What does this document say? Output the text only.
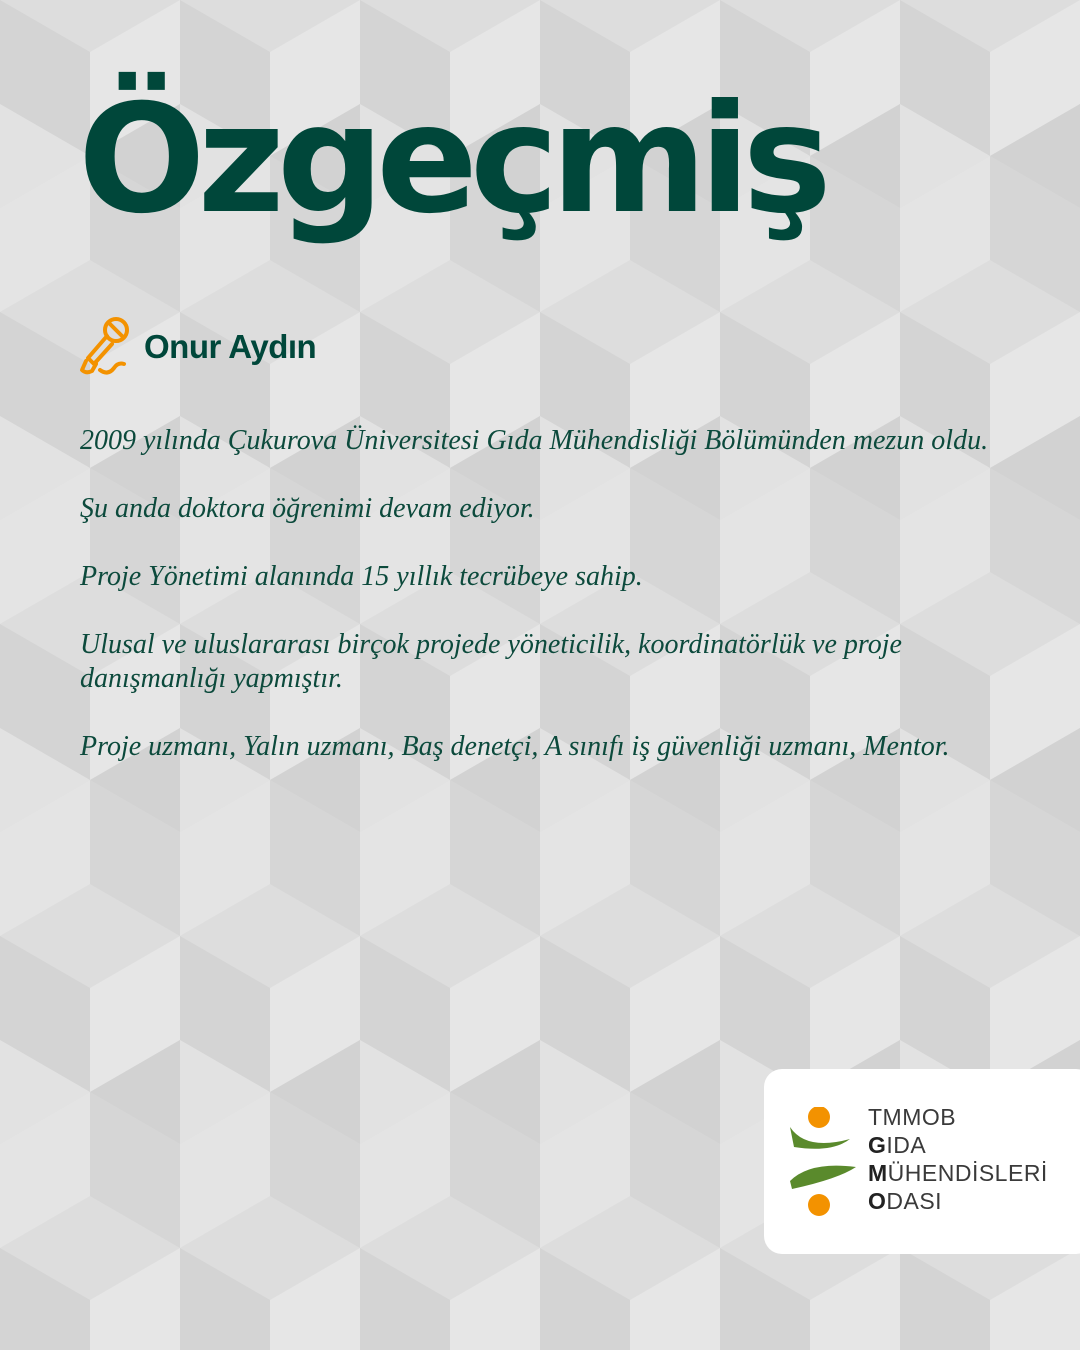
Özgeçmiş
Onur Aydın

2009 yılında Çukurova Üniversitesi Gıda Mühendisliği Bölümünden mezun oldu.

Şu anda doktora öğrenimi devam ediyor.

Proje Yönetimi alanında 15 yıllık tecrübeye sahip.

Ulusal ve uluslararası birçok projede yöneticilik, koordinatörlük ve proje danışmanlığı yapmıştır.

Proje uzmanı, Yalın uzmanı, Baş denetçi, A sınıfı iş güvenliği uzmanı, Mentor.

TMMOB
GIDA
MÜHENDİSLERİ
ODASI
